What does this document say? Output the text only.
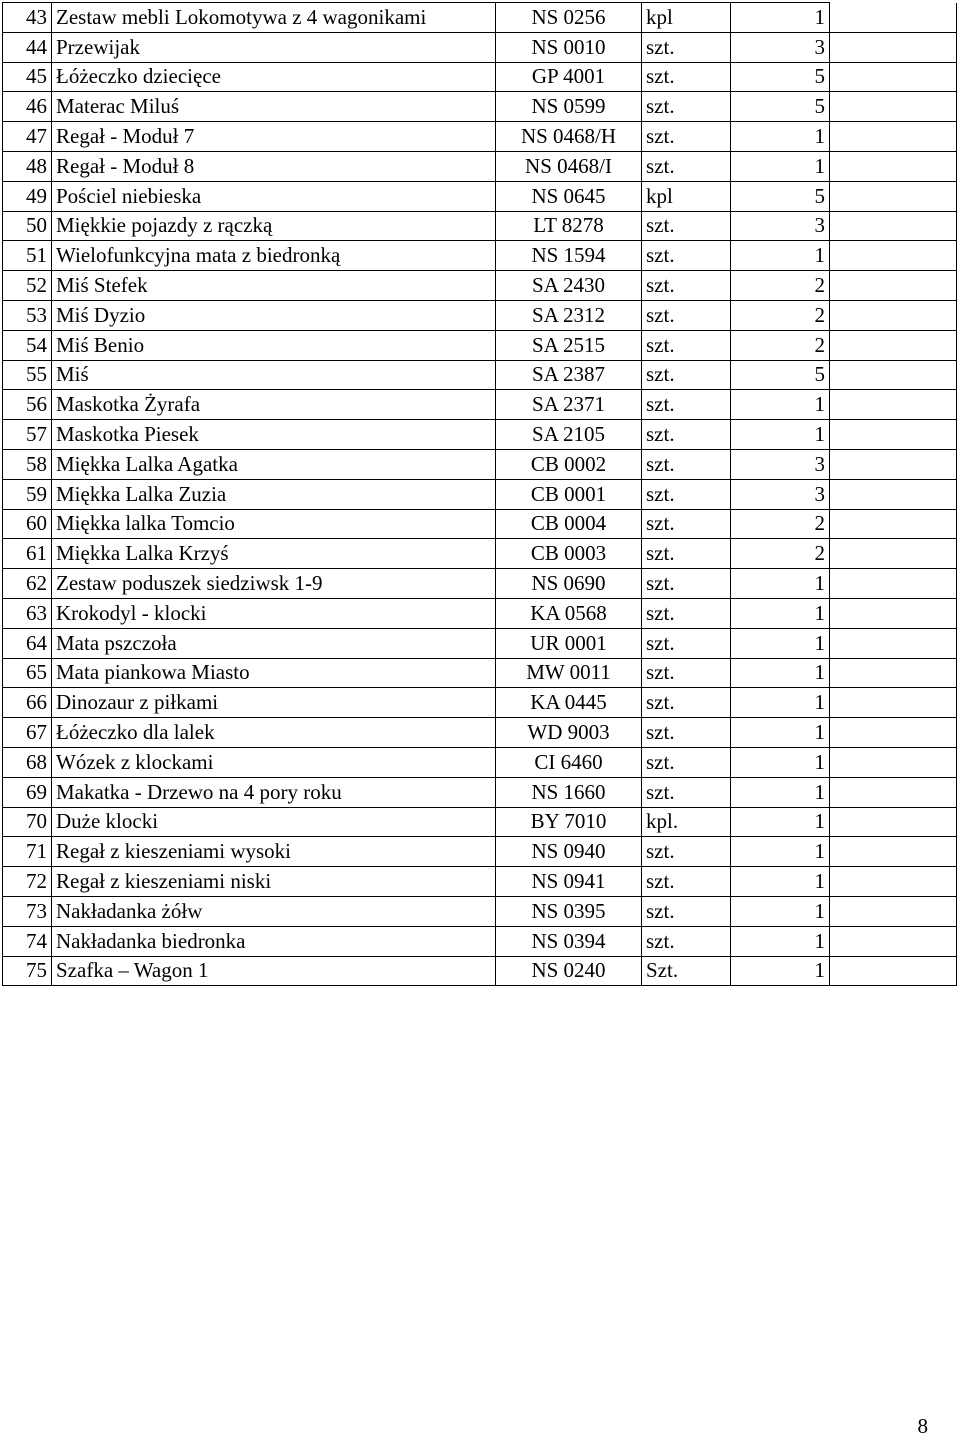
43	Zestaw mebli Lokomotywa z 4 wagonikami	NS 0256	kpl	1	
44	Przewijak	NS 0010	szt.	3	
45	Łóżeczko dziecięce	GP 4001	szt.	5	
46	Materac Miluś	NS 0599	szt.	5	
47	Regał - Moduł 7	NS 0468/H	szt.	1	
48	Regał - Moduł 8	NS 0468/I	szt.	1	
49	Pościel niebieska	NS 0645	kpl	5	
50	Miękkie pojazdy z rączką	LT 8278	szt.	3	
51	Wielofunkcyjna mata z biedronką	NS 1594	szt.	1	
52	Miś Stefek	SA 2430	szt.	2	
53	Miś Dyzio	SA 2312	szt.	2	
54	Miś Benio	SA 2515	szt.	2	
55	Miś	SA 2387	szt.	5	
56	Maskotka Żyrafa	SA 2371	szt.	1	
57	Maskotka Piesek	SA 2105	szt.	1	
58	Miękka Lalka Agatka	CB 0002	szt.	3	
59	Miękka Lalka Zuzia	CB 0001	szt.	3	
60	Miękka lalka Tomcio	CB 0004	szt.	2	
61	Miękka Lalka Krzyś	CB 0003	szt.	2	
62	Zestaw poduszek siedziwsk 1-9	NS 0690	szt.	1	
63	Krokodyl - klocki	KA 0568	szt.	1	
64	Mata pszczoła	UR 0001	szt.	1	
65	Mata piankowa Miasto	MW 0011	szt.	1	
66	Dinozaur z piłkami	KA 0445	szt.	1	
67	Łóżeczko dla lalek	WD 9003	szt.	1	
68	Wózek z klockami	CI 6460	szt.	1	
69	Makatka - Drzewo na 4 pory roku	NS 1660	szt.	1	
70	Duże klocki	BY 7010	kpl.	1	
71	Regał z kieszeniami wysoki	NS 0940	szt.	1	
72	Regał z kieszeniami niski	NS 0941	szt.	1	
73	Nakładanka żółw	NS 0395	szt.	1	
74	Nakładanka biedronka	NS 0394	szt.	1	
75	Szafka – Wagon 1	NS 0240	Szt.	1	
8
